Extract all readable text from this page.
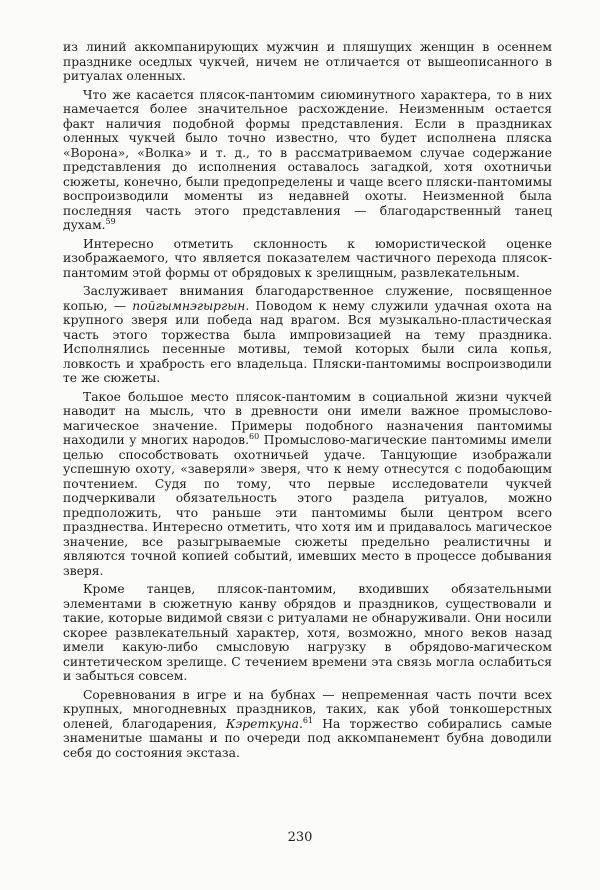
из линий аккомпанирующих мужчин и пляшущих женщин в осеннем празднике оседлых чукчей, ничем не отличается от вышеописанного в ритуалах оленных.

Что же касается плясок-пантомим сиюминутного характера, то в них намечается более значительное расхождение. Неизменным остается факт наличия подобной формы представления. Если в праздниках оленных чукчей было точно известно, что будет исполнена пляска «Ворона», «Волка» и т. д., то в рассматриваемом случае содержание представления до исполнения оставалось загадкой, хотя охотничьи сюжеты, конечно, были предопределены и чаще всего пляски-пантомимы воспроизводили моменты из недавней охоты. Неизменной была последняя часть этого представления — благодарственный танец духам.$^{59}$

Интересно отметить склонность к юмористической оценке изображаемого, что является показателем частичного перехода плясок-пантомим этой формы от обрядовых к зрелищным, развлекательным.

Заслуживает внимания благодарственное служение, посвященное копью, — пойгымнэгыргын. Поводом к нему служили удачная охота на крупного зверя или победа над врагом. Вся музыкально-пластическая часть этого торжества была импровизацией на тему праздника. Исполнялись песенные мотивы, темой которых были сила копья, ловкость и храбрость его владельца. Пляски-пантомимы воспроизводили те же сюжеты.

Такое большое место плясок-пантомим в социальной жизни чукчей наводит на мысль, что в древности они имели важное промыслово-магическое значение. Примеры подобного назначения пантомимы находили у многих народов.$^{60}$ Промыслово-магические пантомимы имели целью способствовать охотничьей удаче. Танцующие изображали успешную охоту, «заверяли» зверя, что к нему отнесутся с подобающим почтением. Судя по тому, что первые исследователи чукчей подчеркивали обязательность этого раздела ритуалов, можно предположить, что раньше эти пантомимы были центром всего празднества. Интересно отметить, что хотя им и придавалось магическое значение, все разыгрываемые сюжеты предельно реалистичны и являются точной копией событий, имевших место в процессе добывания зверя.

Кроме танцев, плясок-пантомим, входивших обязательными элементами в сюжетную канву обрядов и праздников, существовали и такие, которые видимой связи с ритуалами не обнаруживали. Они носили скорее развлекательный характер, хотя, возможно, много веков назад имели какую-либо смысловую нагрузку в обрядово-магическом синтетическом зрелище. С течением времени эта связь могла ослабиться и забыться совсем.

Соревнования в игре и на бубнах — непременная часть почти всех крупных, многодневных праздников, таких, как убой тонкошерстных оленей, благодарения, Кэреткуна.$^{61}$ На торжество собирались самые знаменитые шаманы и по очереди под аккомпанемент бубна доводили себя до состояния экстаза.

230
